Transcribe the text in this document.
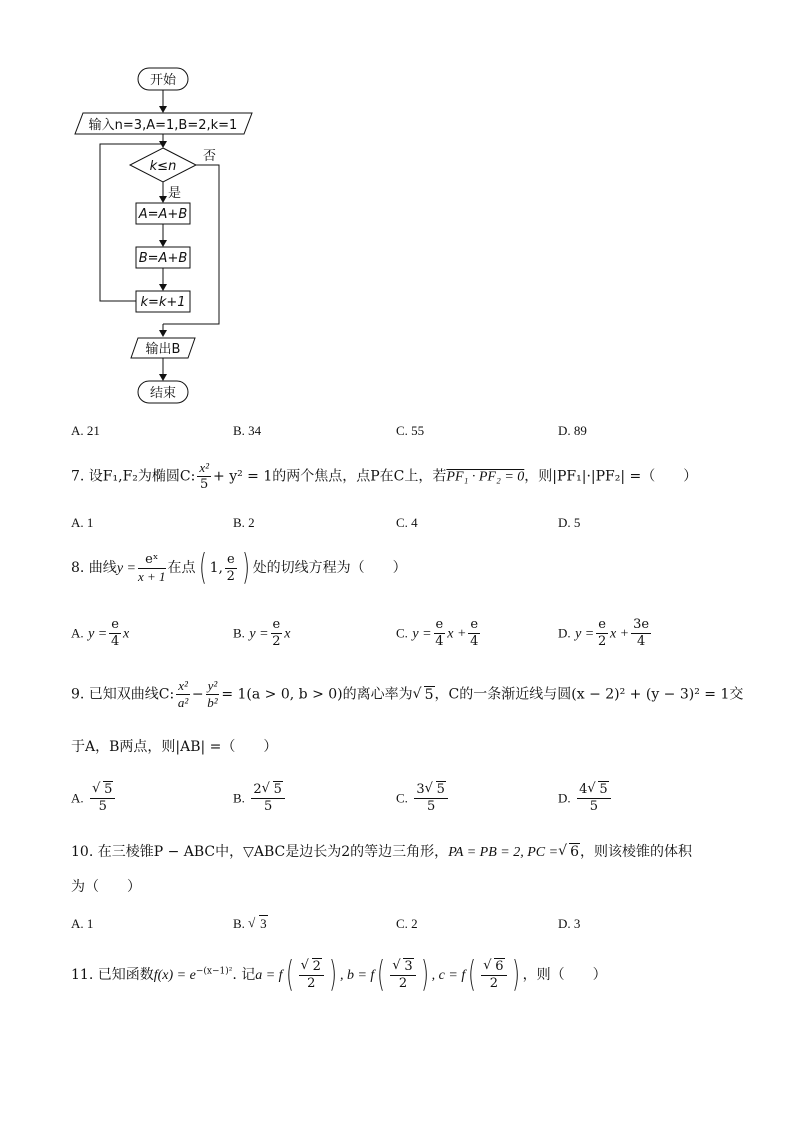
开始
输入n=3,A=1,B=2,k=1
k≤n
否
是
A=A+B
B=A+B
k=k+1
输出B
结束
A. 21	B. 34	C. 55	D. 89
7. 设F₁,F₂为椭圆C: $\frac{\text{x²}}{5} + y^2 = 1$的两个焦点，点P在C上，若PF₁ · PF₂ = 0，则|PF₁|·|PF₂| =（　　）
A. 1	B. 2	C. 4	D. 5
8. 曲线$y = \frac{\text{eˣ}}{x + 1}$ 在点( 1, $\frac{e}{2}$ ) 处的切线方程为（　　）
A. $y = \frac{e}{4}$ x	B. $y = \frac{e}{2}$ x	C. $y = \frac{e}{4}$ $x + \frac{e}{4}$	D. $y = \frac{e}{2}$ $x + \frac{3e}{4}$
9. 已知双曲线C: $\frac{\text{x²}}{\text{a²}} - \frac{\text{y²}}{\text{b²}} = 1(a > 0$, b > 0)的离心率为 √ 5，C的一条渐近线与圆(x − 2)² + (y − 3)² = 1交
于A，B两点，则|AB| =（　　）
A. √ $\frac{5}{5}$	B. $\frac{2 √ 5}{5}$	C. $\frac{3 √ 5}{5}$	D. $\frac{4 √ 5}{5}$
10. 在三棱锥P − ABC中，▽ABC是边长为2的等边三角形，PA = PB = 2, PC = √ 6，则该棱锥的体积
为（　　）
A. 1	B. √ 3	C. 2	D. 3
11. 已知函数$f(x) = e^{-(x-1)^2}$. 记a = f( √ $\frac{2}{2}$ ) , b = f( √ $\frac{3}{2}$ ) , c = f( √ $\frac{6}{2}$ ) ，则（　　）
